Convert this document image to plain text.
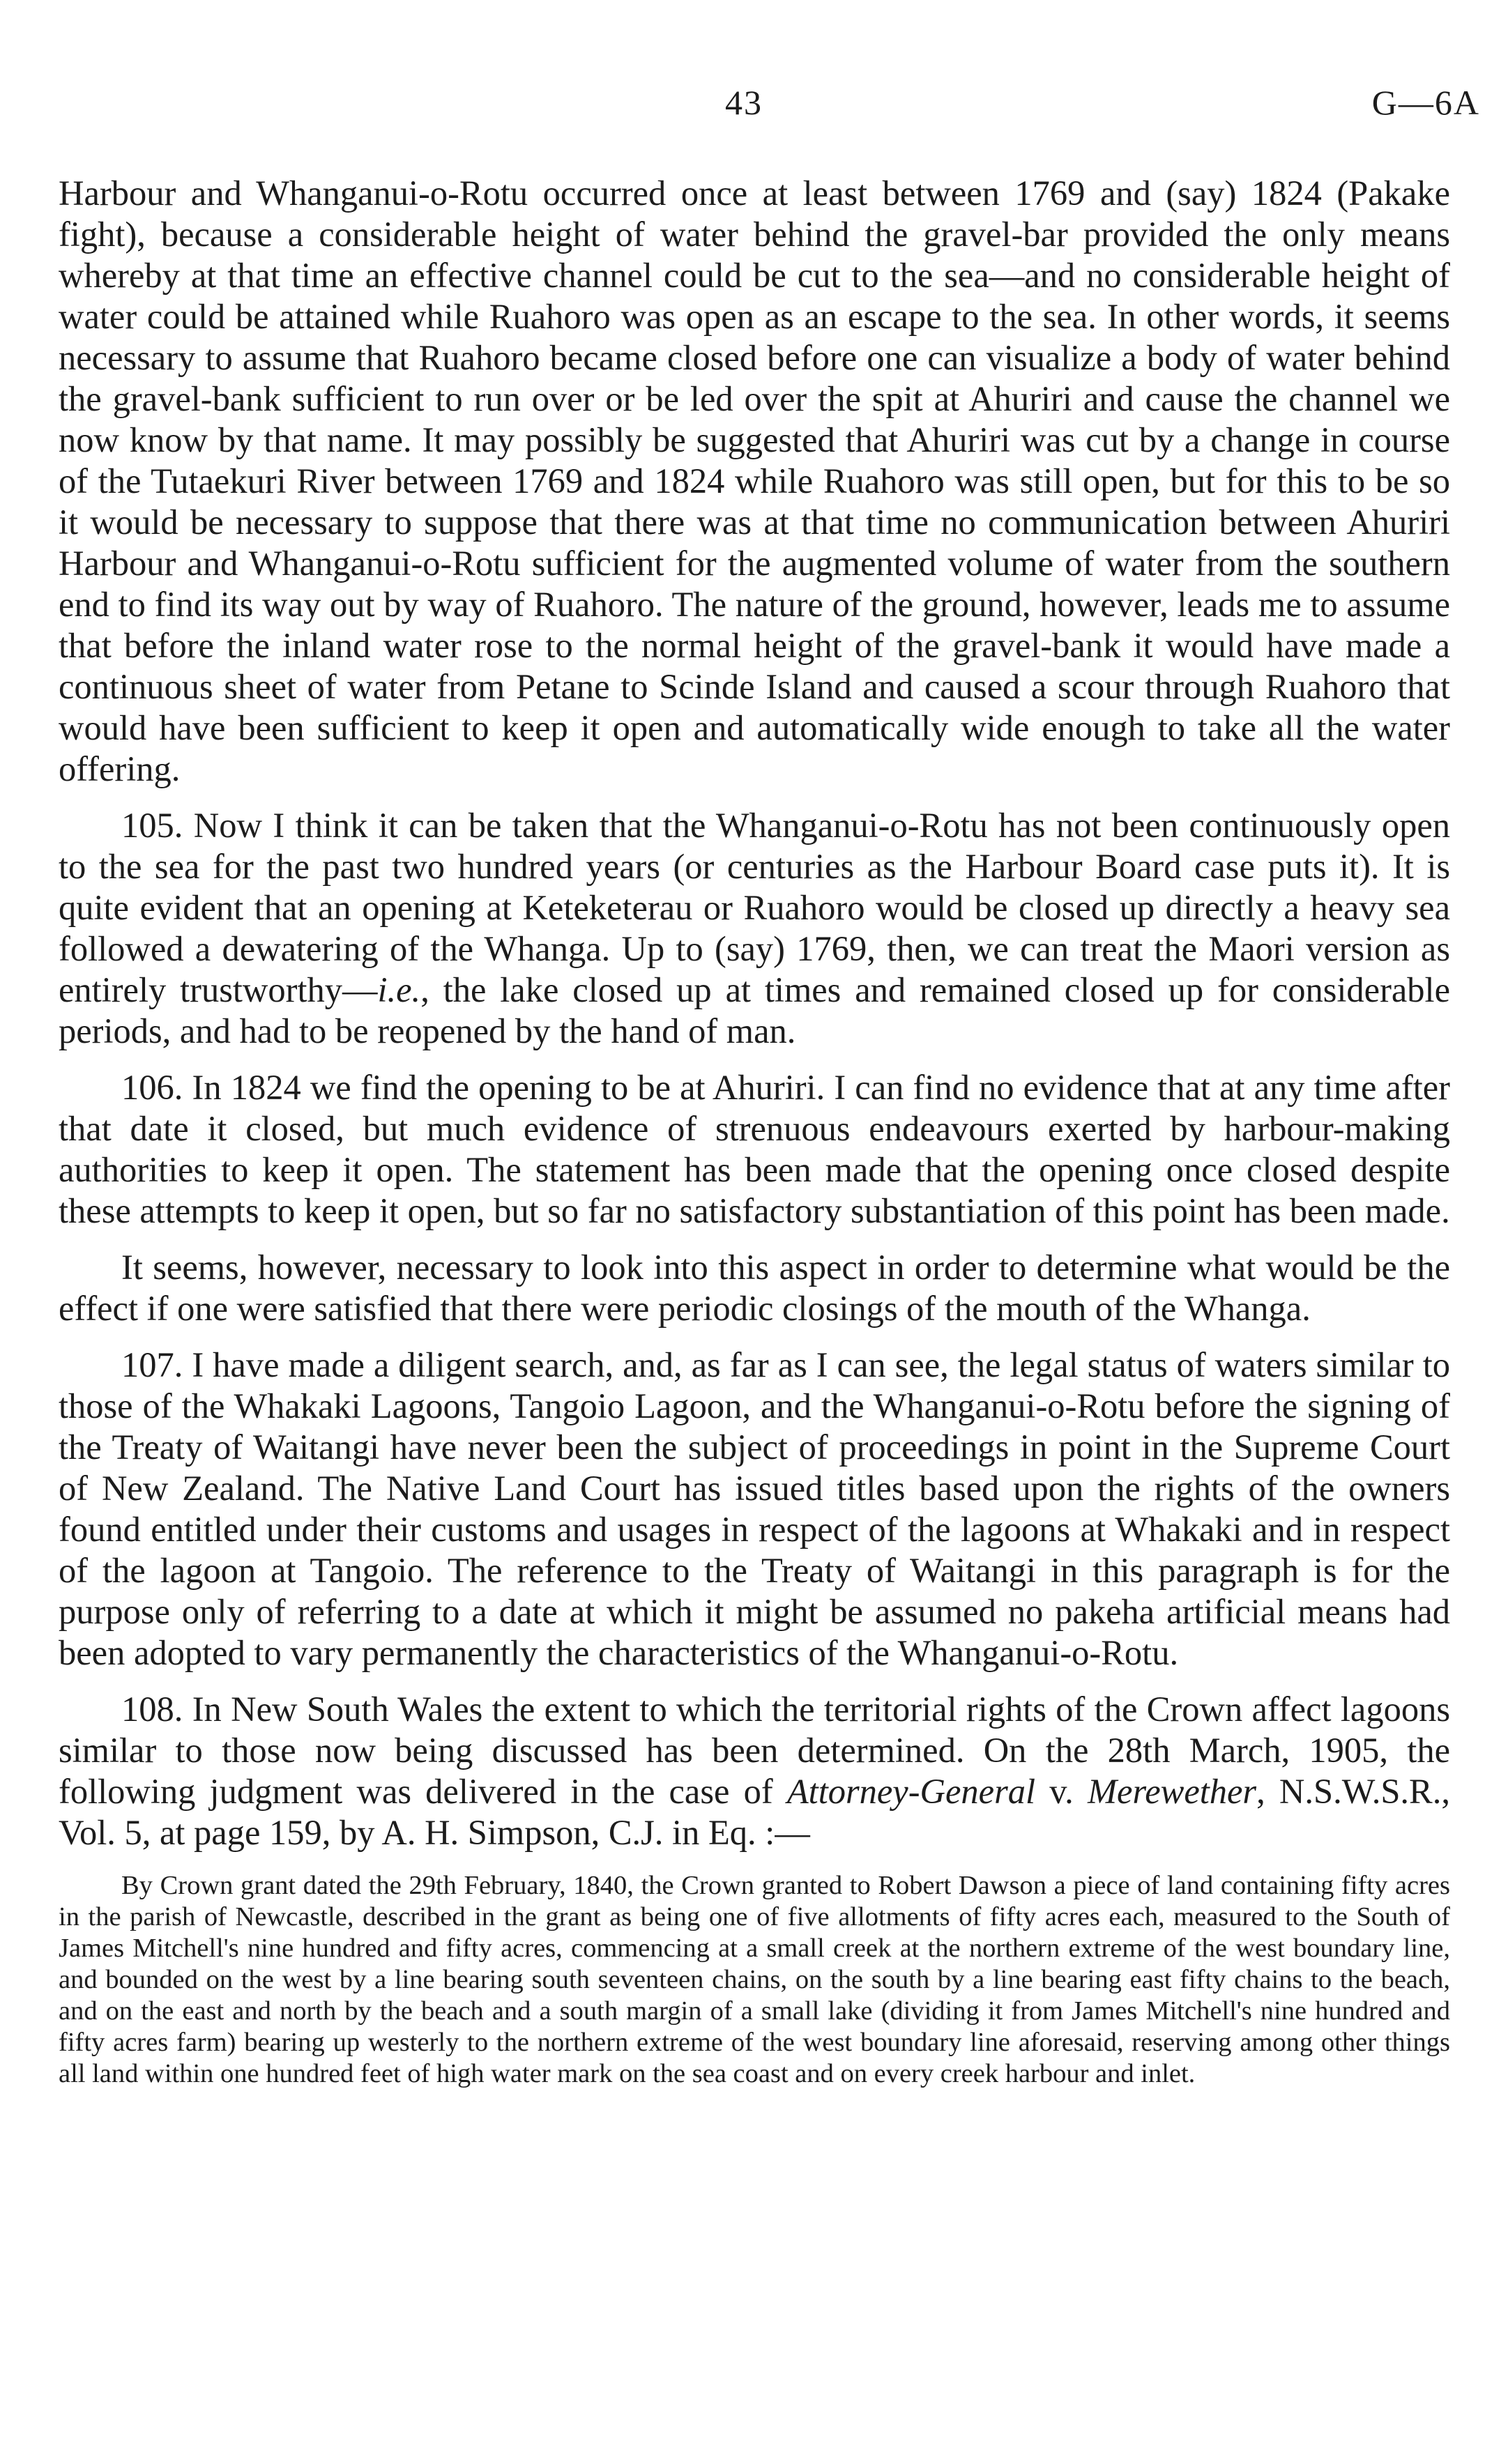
43	G—6A

Harbour and Whanganui-o-Rotu occurred once at least between 1769 and (say) 1824 (Pakake fight), because a considerable height of water behind the gravel-bar provided the only means whereby at that time an effective channel could be cut to the sea—and no considerable height of water could be attained while Ruahoro was open as an escape to the sea. In other words, it seems necessary to assume that Ruahoro became closed before one can visualize a body of water behind the gravel-bank sufficient to run over or be led over the spit at Ahuriri and cause the channel we now know by that name. It may possibly be suggested that Ahuriri was cut by a change in course of the Tutaekuri River between 1769 and 1824 while Ruahoro was still open, but for this to be so it would be necessary to suppose that there was at that time no communication between Ahuriri Harbour and Whanganui-o-Rotu sufficient for the augmented volume of water from the southern end to find its way out by way of Ruahoro. The nature of the ground, however, leads me to assume that before the inland water rose to the normal height of the gravel-bank it would have made a continuous sheet of water from Petane to Scinde Island and caused a scour through Ruahoro that would have been sufficient to keep it open and automatically wide enough to take all the water offering.

105. Now I think it can be taken that the Whanganui-o-Rotu has not been continuously open to the sea for the past two hundred years (or centuries as the Harbour Board case puts it). It is quite evident that an opening at Keteketerau or Ruahoro would be closed up directly a heavy sea followed a dewatering of the Whanga. Up to (say) 1769, then, we can treat the Maori version as entirely trustworthy—i.e., the lake closed up at times and remained closed up for considerable periods, and had to be reopened by the hand of man.

106. In 1824 we find the opening to be at Ahuriri. I can find no evidence that at any time after that date it closed, but much evidence of strenuous endeavours exerted by harbour-making authorities to keep it open. The statement has been made that the opening once closed despite these attempts to keep it open, but so far no satisfactory substantiation of this point has been made.

It seems, however, necessary to look into this aspect in order to determine what would be the effect if one were satisfied that there were periodic closings of the mouth of the Whanga.

107. I have made a diligent search, and, as far as I can see, the legal status of waters similar to those of the Whakaki Lagoons, Tangoio Lagoon, and the Whanganui-o-Rotu before the signing of the Treaty of Waitangi have never been the subject of proceedings in point in the Supreme Court of New Zealand. The Native Land Court has issued titles based upon the rights of the owners found entitled under their customs and usages in respect of the lagoons at Whakaki and in respect of the lagoon at Tangoio. The reference to the Treaty of Waitangi in this paragraph is for the purpose only of referring to a date at which it might be assumed no pakeha artificial means had been adopted to vary permanently the characteristics of the Whanganui-o-Rotu.

108. In New South Wales the extent to which the territorial rights of the Crown affect lagoons similar to those now being discussed has been determined. On the 28th March, 1905, the following judgment was delivered in the case of Attorney-General v. Merewether, N.S.W.S.R., Vol. 5, at page 159, by A. H. Simpson, C.J. in Eq. :—

By Crown grant dated the 29th February, 1840, the Crown granted to Robert Dawson a piece of land containing fifty acres in the parish of Newcastle, described in the grant as being one of five allotments of fifty acres each, measured to the South of James Mitchell's nine hundred and fifty acres, commencing at a small creek at the northern extreme of the west boundary line, and bounded on the west by a line bearing south seventeen chains, on the south by a line bearing east fifty chains to the beach, and on the east and north by the beach and a south margin of a small lake (dividing it from James Mitchell's nine hundred and fifty acres farm) bearing up westerly to the northern extreme of the west boundary line aforesaid, reserving among other things all land within one hundred feet of high water mark on the sea coast and on every creek harbour and inlet.
